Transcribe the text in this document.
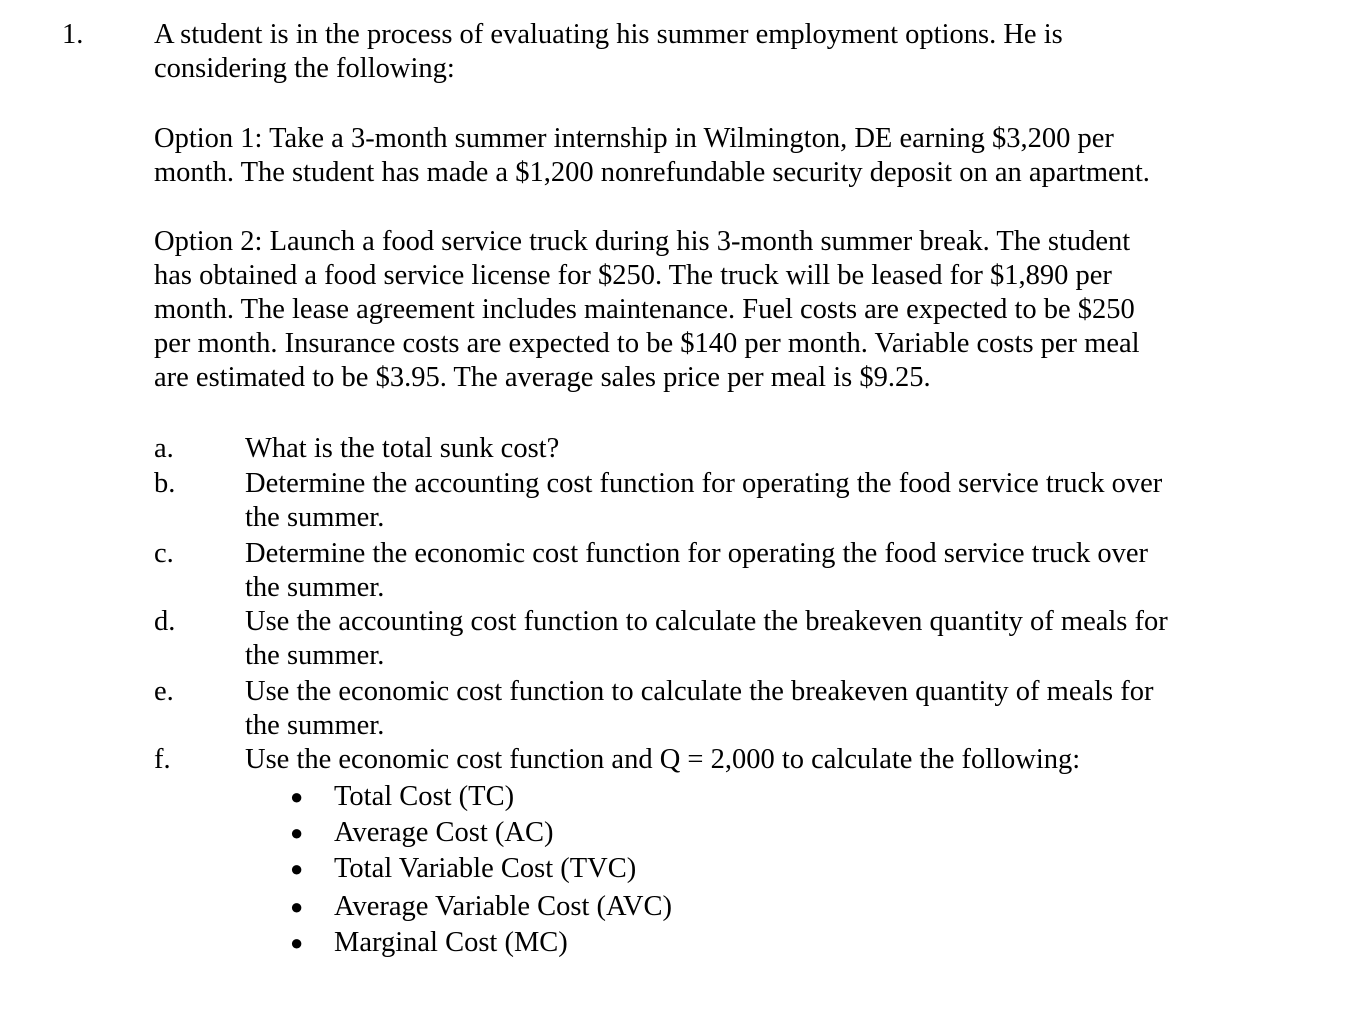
1. A student is in the process of evaluating his summer employment options. He is
considering the following:
Option 1: Take a 3-month summer internship in Wilmington, DE earning $3,200 per
month. The student has made a $1,200 nonrefundable security deposit on an apartment.
Option 2: Launch a food service truck during his 3-month summer break. The student
has obtained a food service license for $250. The truck will be leased for $1,890 per
month. The lease agreement includes maintenance. Fuel costs are expected to be $250
per month. Insurance costs are expected to be $140 per month. Variable costs per meal
are estimated to be $3.95. The average sales price per meal is $9.25.
a. What is the total sunk cost?
b. Determine the accounting cost function for operating the food service truck over
the summer.
c. Determine the economic cost function for operating the food service truck over
the summer.
d. Use the accounting cost function to calculate the breakeven quantity of meals for
the summer.
e. Use the economic cost function to calculate the breakeven quantity of meals for
the summer.
f.	Use the economic cost function and Q = 2,000 to calculate the following:
● Total Cost (TC)
● Average Cost (AC)
● Total Variable Cost (TVC)
● Average Variable Cost (AVC)
● Marginal Cost (MC)
